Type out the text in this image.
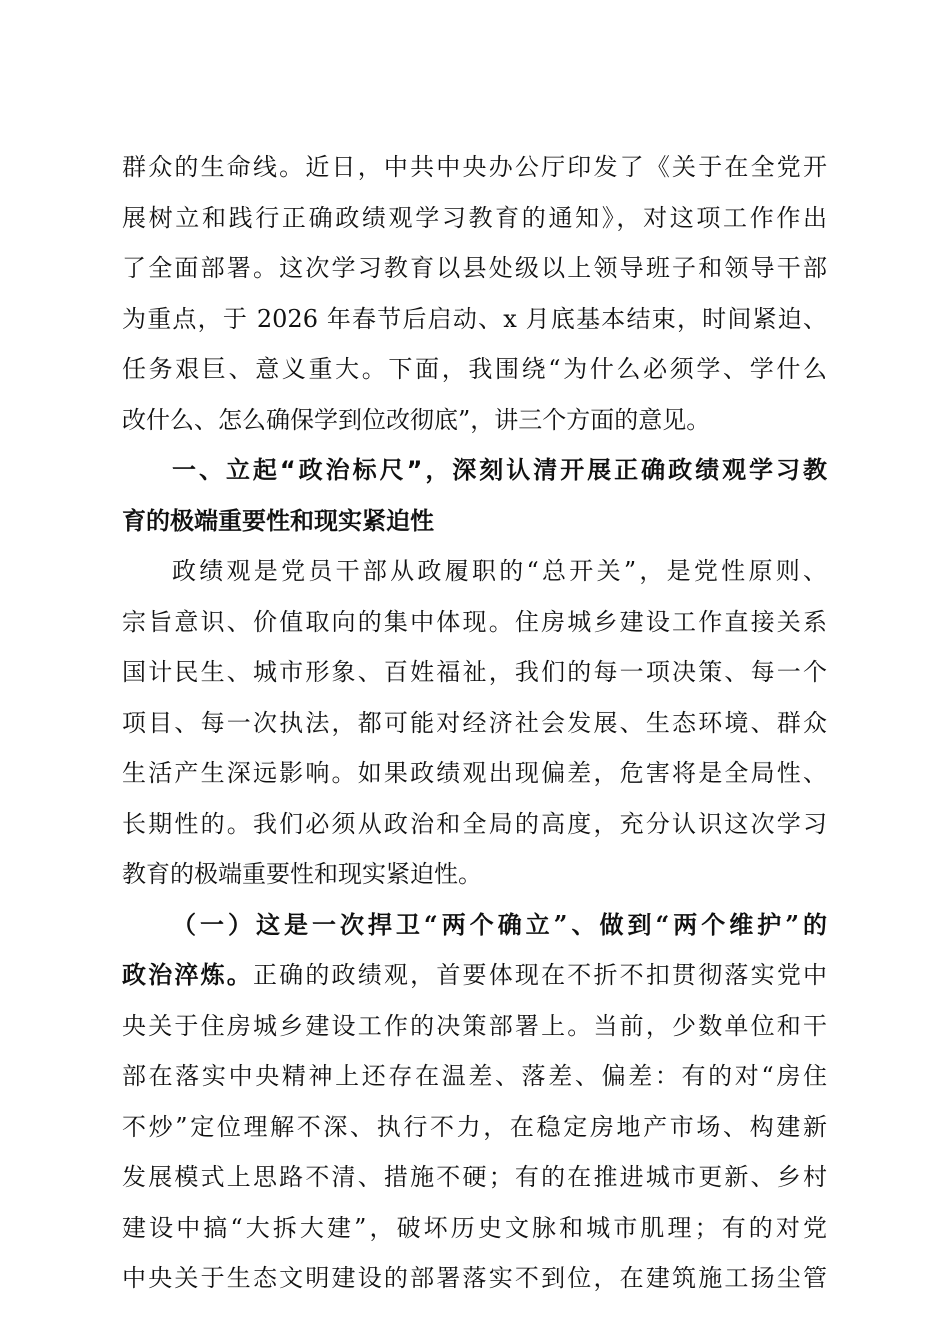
群众的生命线。近日，中共中央办公厅印发了《关于在全党开
展树立和践行正确政绩观学习教育的通知》，对这项工作作出
了全面部署。这次学习教育以县处级以上领导班子和领导干部
为重点，于 2026 年春节后启动、x 月底基本结束，时间紧迫、
任务艰巨、意义重大。下面，我围绕“为什么必须学、学什么
改什么、怎么确保学到位改彻底”，讲三个方面的意见。
一、立起“政治标尺”，深刻认清开展正确政绩观学习教
育的极端重要性和现实紧迫性
政绩观是党员干部从政履职的“总开关”，是党性原则、
宗旨意识、价值取向的集中体现。住房城乡建设工作直接关系
国计民生、城市形象、百姓福祉，我们的每一项决策、每一个
项目、每一次执法，都可能对经济社会发展、生态环境、群众
生活产生深远影响。如果政绩观出现偏差，危害将是全局性、
长期性的。我们必须从政治和全局的高度，充分认识这次学习
教育的极端重要性和现实紧迫性。
（一）这是一次捍卫“两个确立”、做到“两个维护”的
政治淬炼。正确的政绩观，首要体现在不折不扣贯彻落实党中
央关于住房城乡建设工作的决策部署上。当前，少数单位和干
部在落实中央精神上还存在温差、落差、偏差：有的对“房住
不炒”定位理解不深、执行不力，在稳定房地产市场、构建新
发展模式上思路不清、措施不硬；有的在推进城市更新、乡村
建设中搞“大拆大建”，破坏历史文脉和城市肌理；有的对党
中央关于生态文明建设的部署落实不到位，在建筑施工扬尘管
